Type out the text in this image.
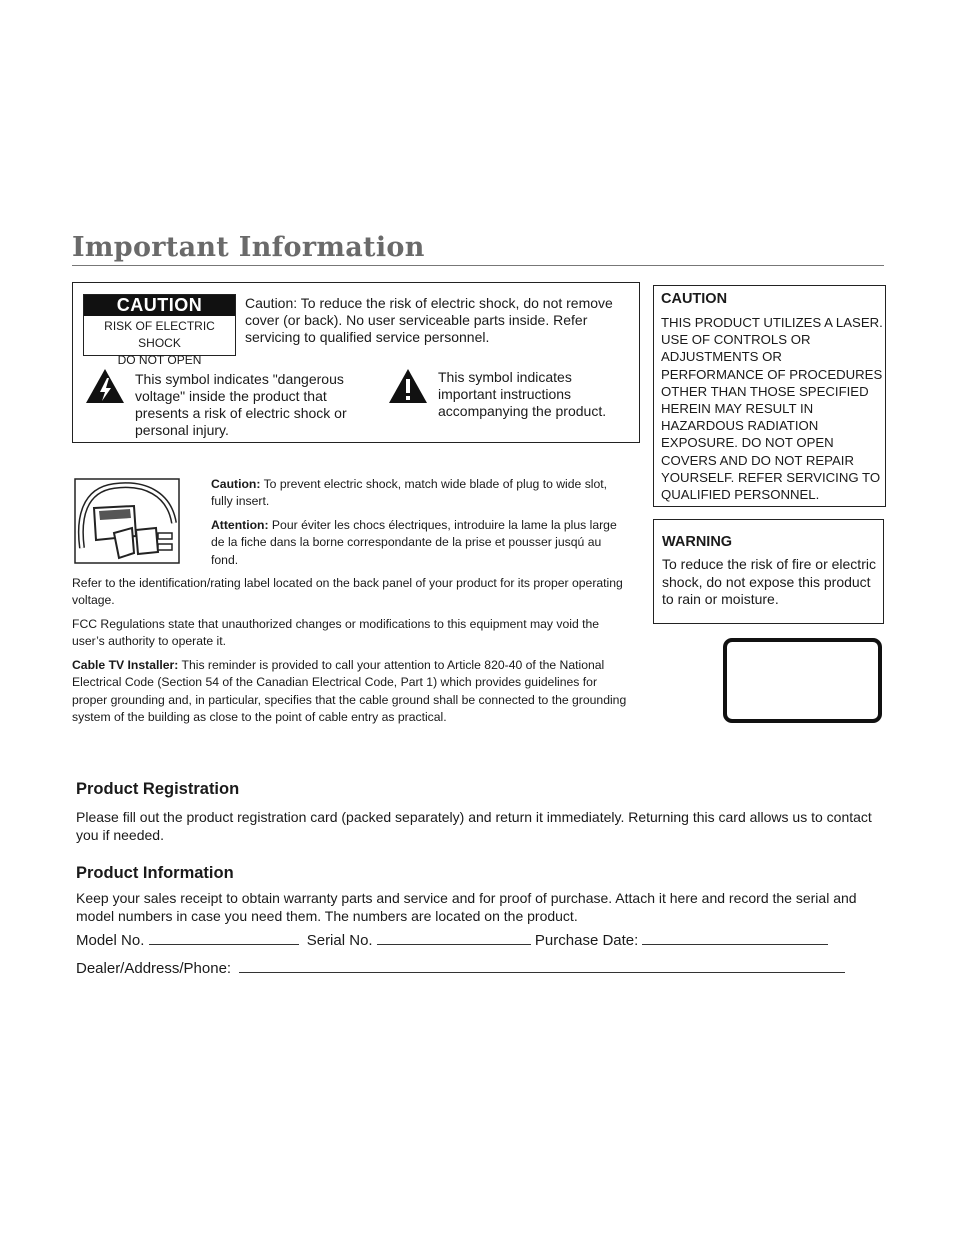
Important Information
CAUTION
RISK OF ELECTRIC SHOCK
DO NOT OPEN
Caution: To reduce the risk of electric shock, do not remove cover (or back). No user serviceable parts inside. Refer servicing to qualified service personnel.
This symbol indicates "dangerous voltage" inside the product that presents a risk of electric shock or personal injury.
This symbol indicates important instructions accompanying the product.
Caution: To prevent electric shock, match wide blade of plug to wide slot, fully insert.
Attention: Pour éviter les chocs électriques, introduire la lame la plus large de la fiche dans la borne correspondante de la prise et pousser jusqú au fond.
Refer to the identification/rating label located on the back panel of your product for its proper operating voltage.
FCC Regulations state that unauthorized changes or modifications to this equipment may void the user’s authority to operate it.
Cable TV Installer: This reminder is provided to call your attention to Article 820-40 of the National Electrical Code (Section 54 of the Canadian Electrical Code, Part 1) which provides guidelines for proper grounding and, in particular, specifies that the cable ground shall be connected to the grounding system of the building as close to the point of cable entry as practical.
CAUTION
THIS PRODUCT UTILIZES A LASER. USE OF CONTROLS OR ADJUSTMENTS OR PERFORMANCE OF PROCEDURES OTHER THAN THOSE SPECIFIED HEREIN MAY RESULT IN HAZARDOUS RADIATION EXPOSURE. DO NOT OPEN COVERS AND DO NOT REPAIR YOURSELF. REFER SERVICING TO QUALIFIED PERSONNEL.
WARNING
To reduce the risk of fire or electric shock, do not expose this product to rain or moisture.
Product Registration
Please fill out the product registration card (packed separately) and return it immediately. Returning this card allows us to contact you if needed.
Product Information
Keep your sales receipt to obtain warranty parts and service and for proof of purchase. Attach it here and record the serial and model numbers in case you need them. The numbers are located on the product.
Model No.	Serial No.	Purchase Date:
Dealer/Address/Phone:
